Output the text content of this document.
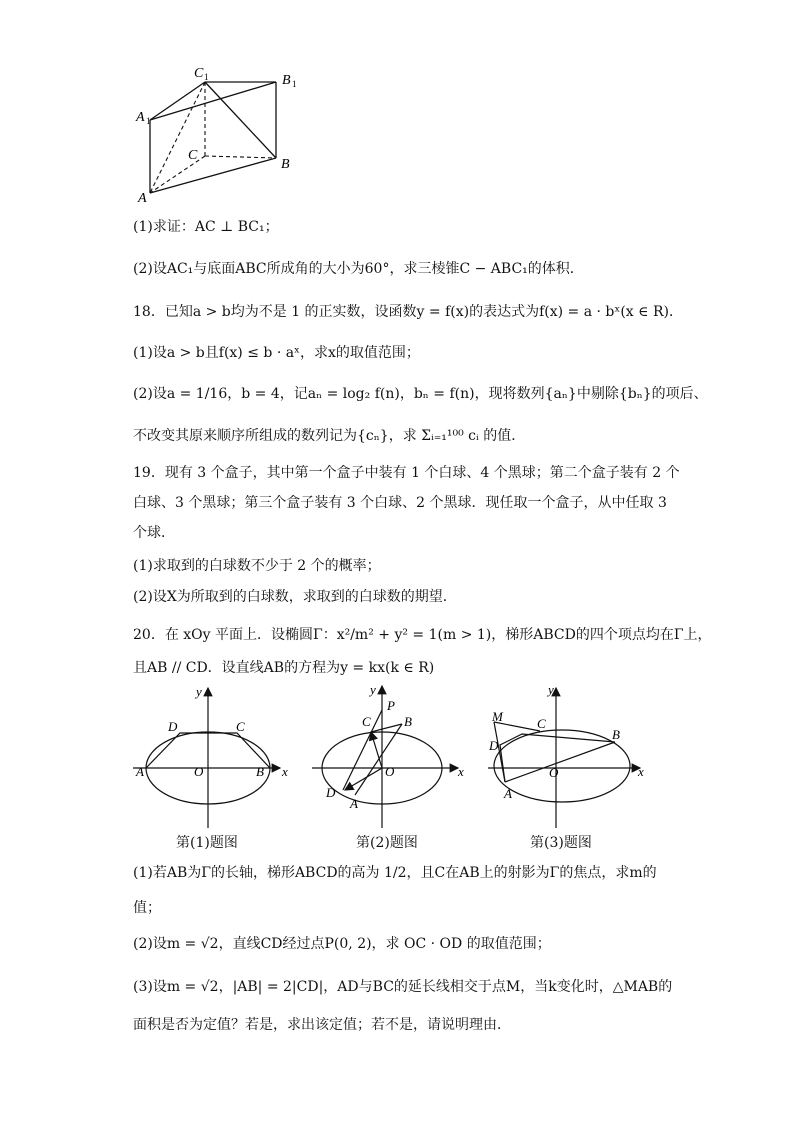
C 1	B 1
A 1
C
B
A
(1)求证：AC ⊥ BC₁；
(2)设AC₁与底面ABC所成角的大小为60°，求三棱锥C − ABC₁的体积．
18．已知a > b均为不是 1 的正实数，设函数y = f(x)的表达式为f(x) = a · bˣ(x ∈ R)．
(1)设a > b且f(x) ≤ b · aˣ，求x的取值范围；
(2)设a = 1/16，b = 4，记aₙ = log₂ f(n)，bₙ = f(n)，现将数列{aₙ}中剔除{bₙ}的项后、
不改变其原来顺序所组成的数列记为{cₙ}，求 Σᵢ₌₁¹⁰⁰ cᵢ 的值．
19．现有 3 个盒子，其中第一个盒子中装有 1 个白球、4 个黑球；第二个盒子装有 2 个
白球、3 个黑球；第三个盒子装有 3 个白球、2 个黑球．现任取一个盒子，从中任取 3
个球．
(1)求取到的白球数不少于 2 个的概率；
(2)设X为所取到的白球数，求取到的白球数的期望．
20．在 xOy 平面上．设椭圆Γ：x²/m² + y² = 1(m > 1)，梯形ABCD的四个项点均在Γ上，
且AB // CD．设直线AB的方程为y = kx(k ∈ R)
y
x
O
A	B
C
D
y
x
O
A
B
C
D
P
y
x
O
A
B
C
D
M
第(1)题图	第(2)题图	第(3)题图
(1)若AB为Γ的长轴，梯形ABCD的高为 1/2，且C在AB上的射影为Γ的焦点，求m的
值；
(2)设m = √2，直线CD经过点P(0, 2)，求 OC · OD 的取值范围；
(3)设m = √2，|AB| = 2|CD|，AD与BC的延长线相交于点M，当k变化时，△MAB的
面积是否为定值？若是，求出该定值；若不是，请说明理由．
